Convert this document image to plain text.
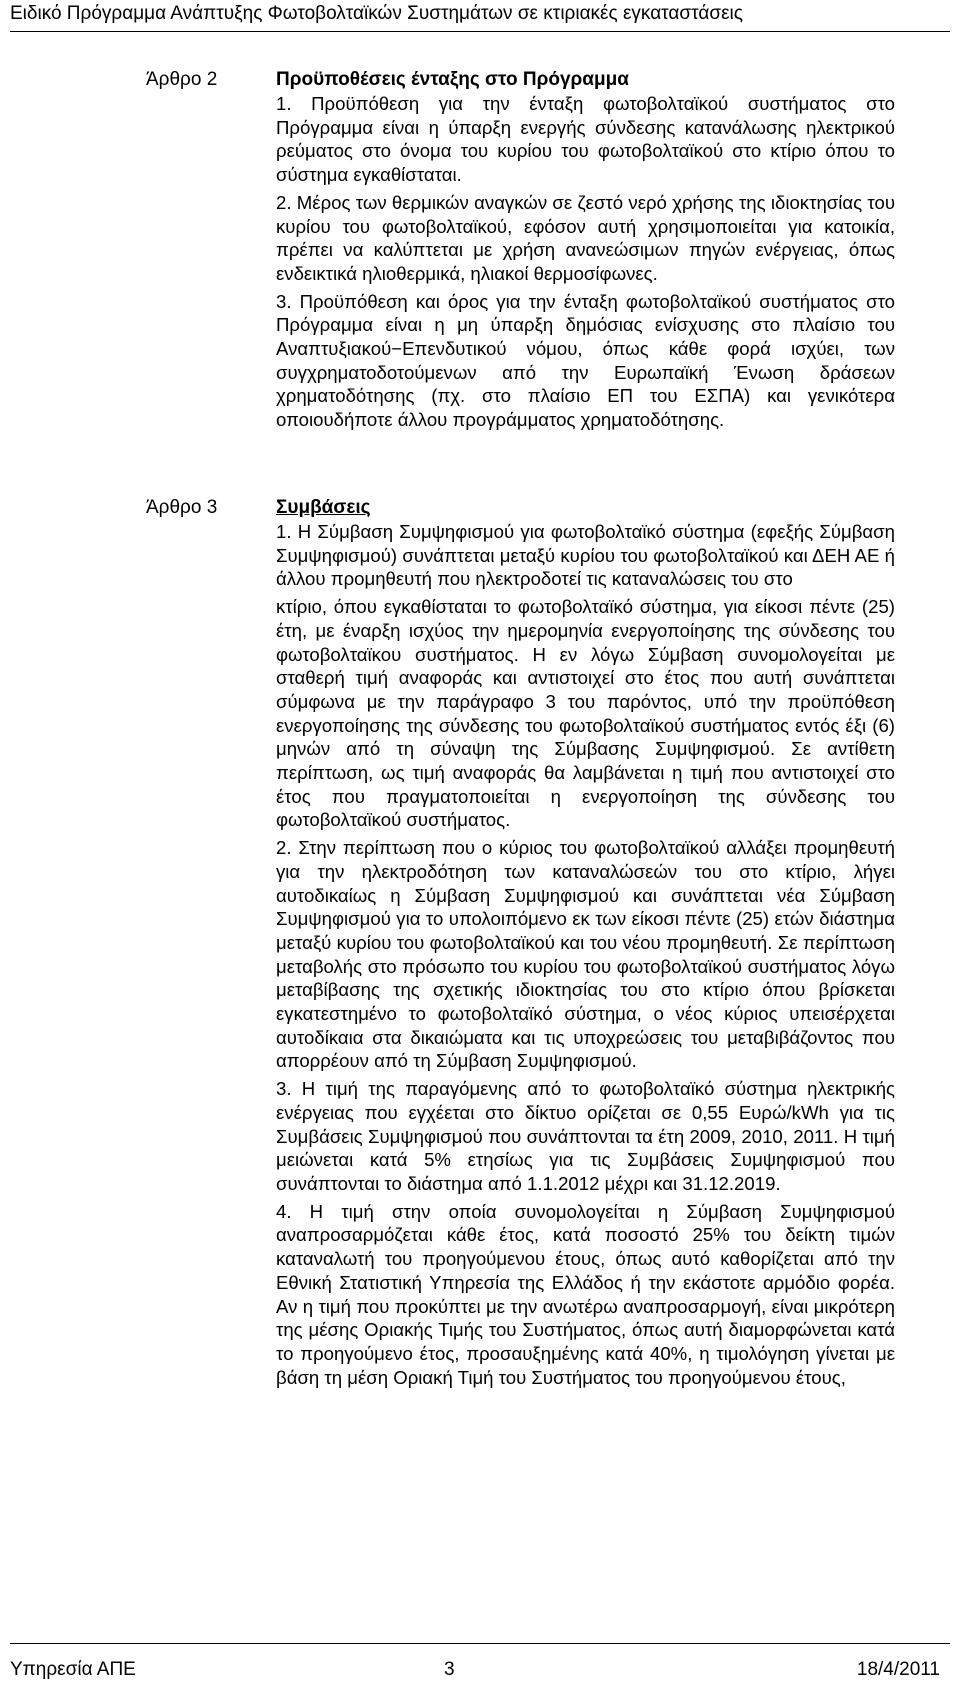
Ειδικό Πρόγραμμα Ανάπτυξης Φωτοβολταϊκών Συστημάτων σε κτιριακές εγκαταστάσεις
Άρθρο 2	Προϋποθέσεις ένταξης στο Πρόγραμμα

1. Προϋπόθεση για την ένταξη φωτοβολταϊκού συστήματος στο Πρόγραμμα είναι η ύπαρξη ενεργής σύνδεσης κατανάλωσης ηλεκτρικού ρεύματος στο όνομα του κυρίου του φωτοβολταϊκού στο κτίριο όπου το σύστημα εγκαθίσταται.

2. Μέρος των θερμικών αναγκών σε ζεστό νερό χρήσης της ιδιοκτησίας του κυρίου του φωτοβολταϊκού, εφόσον αυτή χρησιμοποιείται για κατοικία, πρέπει να καλύπτεται με χρήση ανανεώσιμων πηγών ενέργειας, όπως ενδεικτικά ηλιοθερμικά, ηλιακοί θερμοσίφωνες.

3. Προϋπόθεση και όρος για την ένταξη φωτοβολταϊκού συστήματος στο Πρόγραμμα είναι η μη ύπαρξη δημόσιας ενίσχυσης στο πλαίσιο του Αναπτυξιακού−Επενδυτικού νόμου, όπως κάθε φορά ισχύει, των συγχρηματοδοτούμενων από την Ευρωπαϊκή Ένωση δράσεων χρηματοδότησης (πχ. στο πλαίσιο ΕΠ του ΕΣΠΑ) και γενικότερα οποιουδήποτε άλλου προγράμματος χρηματοδότησης.

Άρθρο 3	Συμβάσεις

1. Η Σύμβαση Συμψηφισμού για φωτοβολταϊκό σύστημα (εφεξής Σύμβαση Συμψηφισμού) συνάπτεται μεταξύ κυρίου του φωτοβολταϊκού και ΔΕΗ ΑΕ ή άλλου προμηθευτή που ηλεκτροδοτεί τις καταναλώσεις του στο

κτίριο, όπου εγκαθίσταται το φωτοβολταϊκό σύστημα, για είκοσι πέντε (25) έτη, με έναρξη ισχύος την ημερομηνία ενεργοποίησης της σύνδεσης του φωτοβολταϊκου συστήματος. Η εν λόγω Σύμβαση συνομολογείται με σταθερή τιμή αναφοράς και αντιστοιχεί στο έτος που αυτή συνάπτεται σύμφωνα με την παράγραφο 3 του παρόντος, υπό την προϋπόθεση ενεργοποίησης της σύνδεσης του φωτοβολταϊκού συστήματος εντός έξι (6) μηνών από τη σύναψη της Σύμβασης Συμψηφισμού. Σε αντίθετη περίπτωση, ως τιμή αναφοράς θα λαμβάνεται η τιμή που αντιστοιχεί στο έτος που πραγματοποιείται η ενεργοποίηση της σύνδεσης του φωτοβολταϊκού συστήματος.

2. Στην περίπτωση που ο κύριος του φωτοβολταϊκού αλλάξει προμηθευτή για την ηλεκτροδότηση των καταναλώσεών του στο κτίριο, λήγει αυτοδικαίως η Σύμβαση Συμψηφισμού και συνάπτεται νέα Σύμβαση Συμψηφισμού για το υπολοιπόμενο εκ των είκοσι πέντε (25) ετών διάστημα μεταξύ κυρίου του φωτοβολταϊκού και του νέου προμηθευτή. Σε περίπτωση μεταβολής στο πρόσωπο του κυρίου του φωτοβολταϊκού συστήματος λόγω μεταβίβασης της σχετικής ιδιοκτησίας του στο κτίριο όπου βρίσκεται εγκατεστημένο το φωτοβολταϊκό σύστημα, ο νέος κύριος υπεισέρχεται αυτοδίκαια στα δικαιώματα και τις υποχρεώσεις του μεταβιβάζοντος που απορρέουν από τη Σύμβαση Συμψηφισμού.

3. Η τιμή της παραγόμενης από το φωτοβολταϊκό σύστημα ηλεκτρικής ενέργειας που εγχέεται στο δίκτυο ορίζεται σε 0,55 Ευρώ/kWh για τις Συμβάσεις Συμψηφισμού που συνάπτονται τα έτη 2009, 2010, 2011. Η τιμή μειώνεται κατά 5% ετησίως για τις Συμβάσεις Συμψηφισμού που συνάπτονται το διάστημα από 1.1.2012 μέχρι και 31.12.2019.

4. Η τιμή στην οποία συνομολογείται η Σύμβαση Συμψηφισμού αναπροσαρμόζεται κάθε έτος, κατά ποσοστό 25% του δείκτη τιμών καταναλωτή του προηγούμενου έτους, όπως αυτό καθορίζεται από την Εθνική Στατιστική Υπηρεσία της Ελλάδος ή την εκάστοτε αρμόδιο φορέα. Αν η τιμή που προκύπτει με την ανωτέρω αναπροσαρμογή, είναι μικρότερη της μέσης Οριακής Τιμής του Συστήματος, όπως αυτή διαμορφώνεται κατά το προηγούμενο έτος, προσαυξημένης κατά 40%, η τιμολόγηση γίνεται με βάση τη μέση Οριακή Τιμή του Συστήματος του προηγούμενου έτους,

Υπηρεσία ΑΠΕ	3	18/4/2011
